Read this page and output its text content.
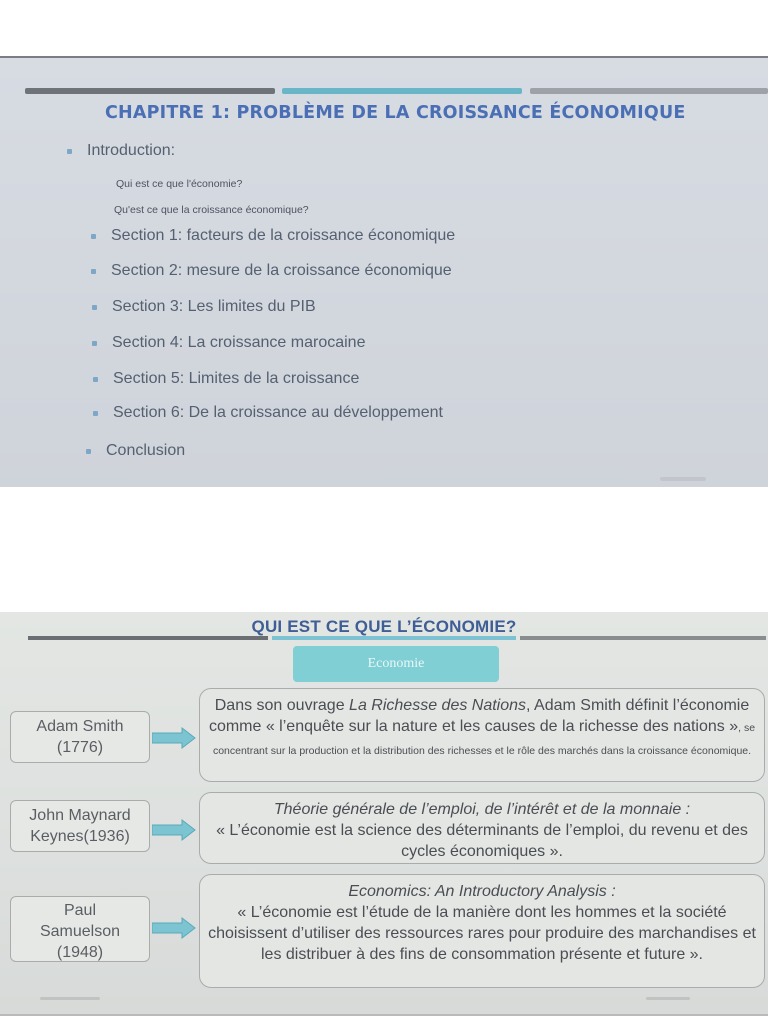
CHAPITRE 1: PROBLÈME DE LA CROISSANCE ÉCONOMIQUE
Introduction:
Qui est ce que l'économie?
Qu'est ce que la croissance économique?
Section 1: facteurs de la croissance économique
Section 2: mesure de la croissance économique
Section 3: Les limites du PIB
Section 4: La croissance marocaine
Section 5: Limites de la croissance
Section 6: De la croissance au développement
Conclusion
QUI EST CE QUE L’ÉCONOMIE?
Economie
Adam Smith
(1776)
Dans son ouvrage La Richesse des Nations, Adam Smith définit l’économie comme « l’enquête sur la nature et les causes de la richesse des nations », se concentrant sur la production et la distribution des richesses et le rôle des marchés dans la croissance économique.
John Maynard
Keynes(1936)
Théorie générale de l’emploi, de l’intérêt et de la monnaie :
« L’économie est la science des déterminants de l’emploi, du revenu et des cycles économiques ».
Paul
Samuelson
(1948)
Economics: An Introductory Analysis :
« L’économie est l’étude de la manière dont les hommes et la société choisissent d’utiliser des ressources rares pour produire des marchandises et les distribuer à des fins de consommation présente et future ».
